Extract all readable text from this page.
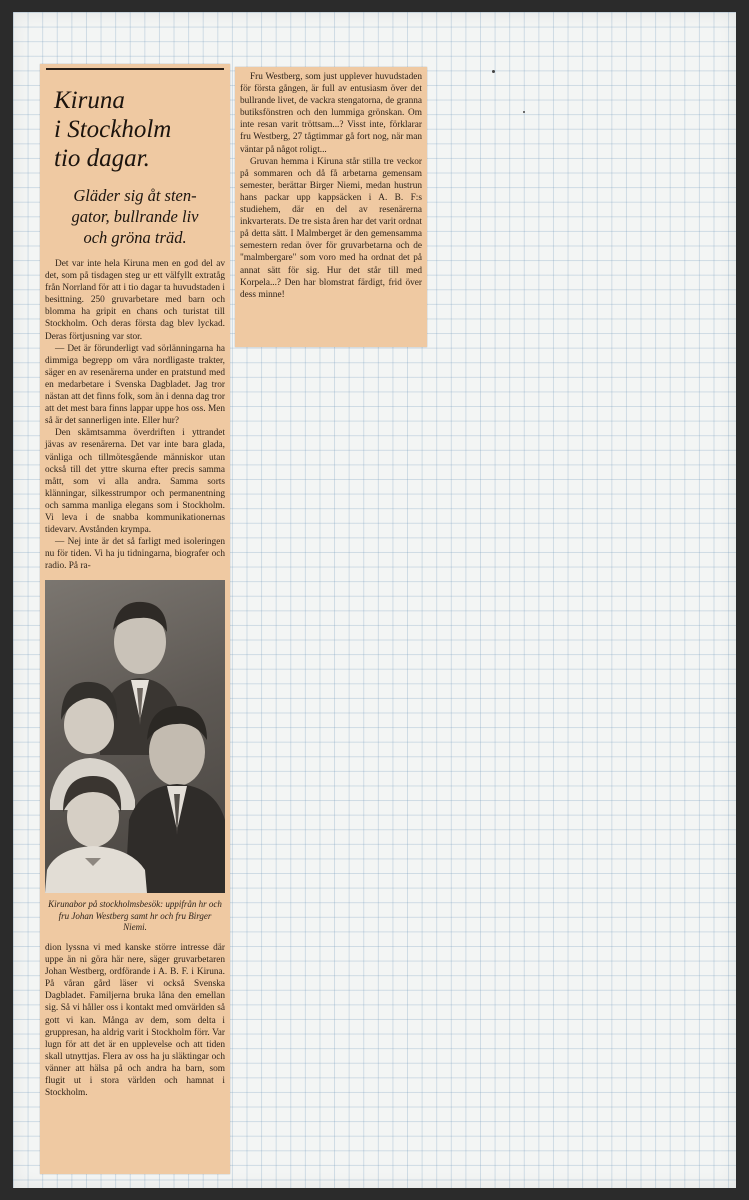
Kiruna
i Stockholm
tio dagar.
Gläder sig åt sten-
gator, bullrande liv
och gröna träd.

Det var inte hela Kiruna men en god del av det, som på tisdagen steg ur ett välfyllt extratåg från Norrland för att i tio dagar ta huvudstaden i besittning. 250 gruvarbetare med barn och blomma ha gripit en chans och turistat till Stockholm. Och deras första dag blev lyckad. Deras förtjusning var stor.

— Det är förunderligt vad sörlänningarna ha dimmiga begrepp om våra nordligaste trakter, säger en av resenärerna under en pratstund med en medarbetare i Svenska Dagbladet. Jag tror nästan att det finns folk, som än i denna dag tror att det mest bara finns lappar uppe hos oss. Men så är det sannerligen inte. Eller hur?

Den skämtsamma överdriften i yttrandet jävas av resenärerna. Det var inte bara glada, vänliga och tillmötesgående människor utan också till det yttre skurna efter precis samma mått, som vi alla andra. Samma sorts klänningar, silkesstrumpor och permanentning och samma manliga elegans som i Stockholm. Vi leva i de snabba kommunikationernas tidevarv. Avstånden krympa.

— Nej inte är det så farligt med isoleringen nu för tiden. Vi ha ju tidningarna, biografer och radio. På ra-

Kirunabor på stockholmsbesök: uppifrån hr och fru Johan Westberg samt hr och fru Birger Niemi.

dion lyssna vi med kanske större intresse där uppe än ni göra här nere, säger gruvarbetaren Johan Westberg, ordförande i A. B. F. i Kiruna. På våran gård läser vi också Svenska Dagbladet. Familjerna bruka låna den emellan sig. Så vi håller oss i kontakt med omvärlden så gott vi kan. Många av dem, som delta i gruppresan, ha aldrig varit i Stockholm förr. Var lugn för att det är en upplevelse och att tiden skall utnyttjas. Flera av oss ha ju släktingar och vänner att hälsa på och andra ha barn, som flugit ut i stora världen och hamnat i Stockholm.

Fru Westberg, som just upplever huvudstaden för första gången, är full av entusiasm över det bullrande livet, de vackra stengatorna, de granna butiksfönstren och den lummiga grönskan. Om inte resan varit tröttsam...? Visst inte, förklarar fru Westberg, 27 tågtimmar gå fort nog, när man väntar på något roligt...

Gruvan hemma i Kiruna står stilla tre veckor på sommaren och då få arbetarna gemensam semester, berättar Birger Niemi, medan hustrun hans packar upp kappsäcken i A. B. F:s studiehem, där en del av resenärerna inkvarterats. De tre sista åren har det varit ordnat på detta sätt. I Malmberget är den gemensamma semestern redan över för gruvarbetarna och de "malmbergare" som voro med ha ordnat det på annat sätt för sig. Hur det står till med Korpela...? Den har blomstrat färdigt, frid över dess minne!
